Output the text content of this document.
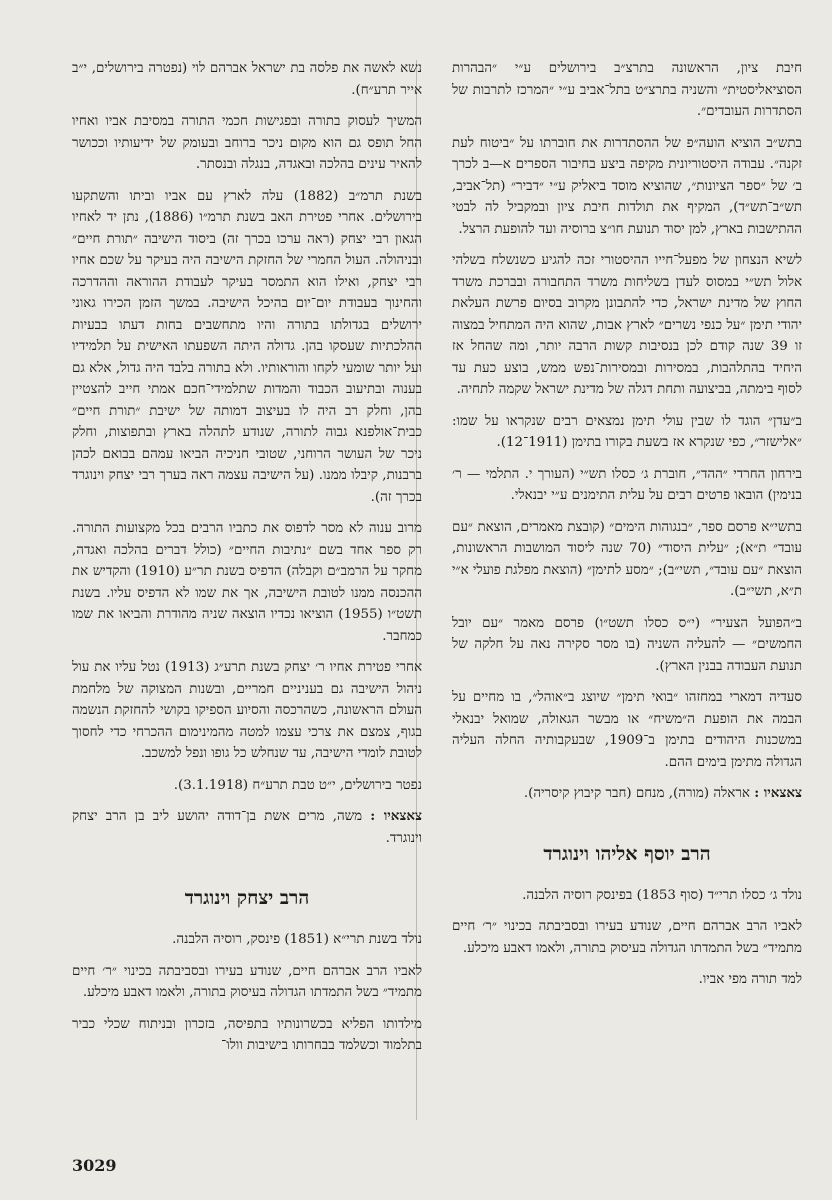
חיבת ציון, הראשונה בתרצ״ב בירושלים ע״י ״הבהרות הסוציאליסטית״ והשניה בתרצ״ט בתל־אביב ע״י ״המרכז לתרבות של הסתדרות העובדים״.

בתש״ב הוציא הועה״פ של ההסתדרות את חוברתו על ״ביטוח לעת זקנה״. עבודה היסטוריונית מקיפה ביצע בחיבור הספרים א—ב לכרך ב׳ של ״ספר הציונות״, שהוציא מוסד ביאליק ע״י ״דביר״ (תל־אביב, תש״ב־תש״ד), המקיף את תולדות חיבת ציון ובמקביל לה לבטי ההתישבות בארץ, למן יסוד תנועת חו״צ ברוסיה ועד להופעת הרצל.

לשיא הנצחון של מפעל־חייו ההיסטורי זכה להגיע כשנשלח בשלהי אלול תש״י במסוס לעדן בשליחות משרד התחבורה ובברכת משרד החוץ של מדינת ישראל, כדי להתבונן מקרוב בסיום פרשת העלאת יהודי תימן ״על כנפי נשרים״ לארץ אבות, שהוא היה המתחיל במצוה זו 39 שנה קודם לכן בנסיבות קשות הרבה יותר, ומה שהחל אז היחיד בהתלהבות, במסירות ובמסירות־נפש ממש, בוצע כעת עד לסוף בימתה, בביצועה ותחת דגלה של מדינת ישראל שקמה לתחיה.

ב״עדן״ הוגד לו שבין עולי תימן נמצאים רבים שנקראו על שמו: ״אלישזר״, כפי שנקרא אז בשעת בקורו בתימן (1911־12).

בירחון החרדי ״ההד״, חוברת ג׳ כסלו תש״י (העורך י. התלמי — ר׳ בנימין) הובאו פרטים רבים על עלית התימנים ע״י יבנאלי.

בתשי״א פרסם ספר, ״בנגוהות הימים״ (קובצת מאמרים, הוצאת ״עם עובד״ ת״א); ״עלית היסוד״ (70 שנה ליסוד המושבות הראשונות, הוצאת ״עם עובד״, תשי״ב); ״מסע לתימן״ (הוצאת מפלגת פועלי א״י ת״א, תשי״ב).

ב״הפועל הצעיר״ (י״ס כסלו תשט״ו) פרסם מאמר ״עם יובל החמשים״ — להעליה השניה (בו מסר סקירה נאה על חלקה של תנועת העבודה בבנין הארץ).

סעדיה דמארי במחזהו ״בואי תימן״ שיוצג ב״אוהל״, בו מחיים על הבמה את הופעת ה״משיח״ או מבשר הגאולה, שמואל יבנאלי במשכנות היהודים בתימן ב־1909, שבעקבותיה החלה העליה הגדולה מתימן בימים ההם.

צאצאיו : אראלה (מורה), מנחם (חבר קיבוץ קיסריה).

הרב יוסף אליהו וינוגרד

נולד ג׳ כסלו תרי״ד (סוף 1853) בפינסק רוסיה הלבנה.

לאביו הרב אברהם חיים, שנודע בעירו ובסביבתה בכינוי ״ר׳ חיים מתמיד״ בשל התמדתו הגדולה בעיסוק בתורה, ולאמו דאבע מיכלע.

למד תורה מפי אביו.

נשא לאשה את פלסה בת ישראל אברהם לוי (נפטרה בירושלים, י״ב אייר תרע״ח).

המשיך לעסוק בתורה ובפגישות חכמי התורה במסיבת אביו ואחיו החל תופס גם הוא מקום ניכר ברוחב ובעומק של ידיעותיו וככושר להאיר עינים בהלכה ובאגדה, בנגלה ובנסתר.

בשנת תרמ״ב (1882) עלה לארץ עם אביו וביתו והשתקעו בירושלים. אחרי פטירת האב בשנת תרמ״ו (1886), נתן יד לאחיו הגאון רבי יצחק (ראה ערכו בכרך זה) ביסוד הישיבה ״תורת חיים״ ובניהולה. העול החמרי של החזקת הישיבה היה בעיקר על שכם אחיו רבי יצחק, ואילו הוא התמסר בעיקר לעבודת ההוראה וההדרכה והחינוך בעבודת יום־יום בהיכל הישיבה. במשך הזמן הכירו גאוני ירושלים בגדולתו בתורה והיו מתחשבים בחות דעתו בבעיות ההלכתיות שעסקו בהן. גדולה היתה השפעתו האישית על תלמידיו ועל יותר שומעי לקחו והוראותיו. ולא בתורה בלבד היה גדול, אלא גם בענוה ובתיעוב הכבוד והמדות שתלמידי־חכם אמתי חייב להצטיין בהן, וחלק רב היה לו בעיצוב דמותה של ישיבת ״תורת חיים״ כבית־אולפנא גבוה לתורה, שנודע לתהלה בארץ ובתפוצות, וחלק ניכר של העושר הרוחני, שטובי חניכיה הביאו עמהם בבואם לכהן ברבנות, קיבלו ממנו. (על הישיבה עצמה ראה בערך רבי יצחק וינוגרד בכרך זה).

מרוב ענוה לא מסר לדפוס את כתביו הרבים בכל מקצועות התורה. רק ספר אחד בשם ״נתיבות החיים״ (כולל דברים בהלכה ואגדה, מחקר על הרמב״ם וקבלה) הדפיס בשנת תר״ע (1910) והקדיש את ההכנסה ממנו לטובת הישיבה, אך את שמו לא הדפיס עליו. בשנת תשט״ו (1955) הוציאו נכדיו הוצאה שניה מהודרת והביאו את שמו כמחבר.

אחרי פטירת אחיו ר׳ יצחק בשנת תרע״ג (1913) נטל עליו את עול ניהול הישיבה גם בעניניים חמריים, ובשנות המצוקה של מלחמת העולם הראשונה, כשהרכסה והסיוע הספיקו בקושי להחזקת הנשמה בגוף, צמצם את צרכי עצמו למטה מהמינימום ההכרחי כדי לחסוך לטובת לומדי הישיבה, עד שנחלש כל גופו ונפל למשכב.

נפטר בירושלים, י״ט טבת תרע״ח (3.1.1918).

צאצאיו : משה, מרים אשת בן־דודה יהושע ליב בן הרב יצחק וינוגרד.

הרב יצחק וינוגרד

נולד בשנת תרי״א (1851) פינסק, רוסיה הלבנה.

לאביו הרב אברהם חיים, שנודע בעירו ובסביבתה בכינוי ״ר׳ חיים מתמיד״ בשל התמדתו הגדולה בעיסוק בתורה, ולאמו דאבע מיכלע.

מילדותו הפליא בכשרונותיו בתפיסה, בזכרון ובניתוח שכלי כביר בתלמוד וכשלמד בבחרותו בישיבות וולו־

3029
